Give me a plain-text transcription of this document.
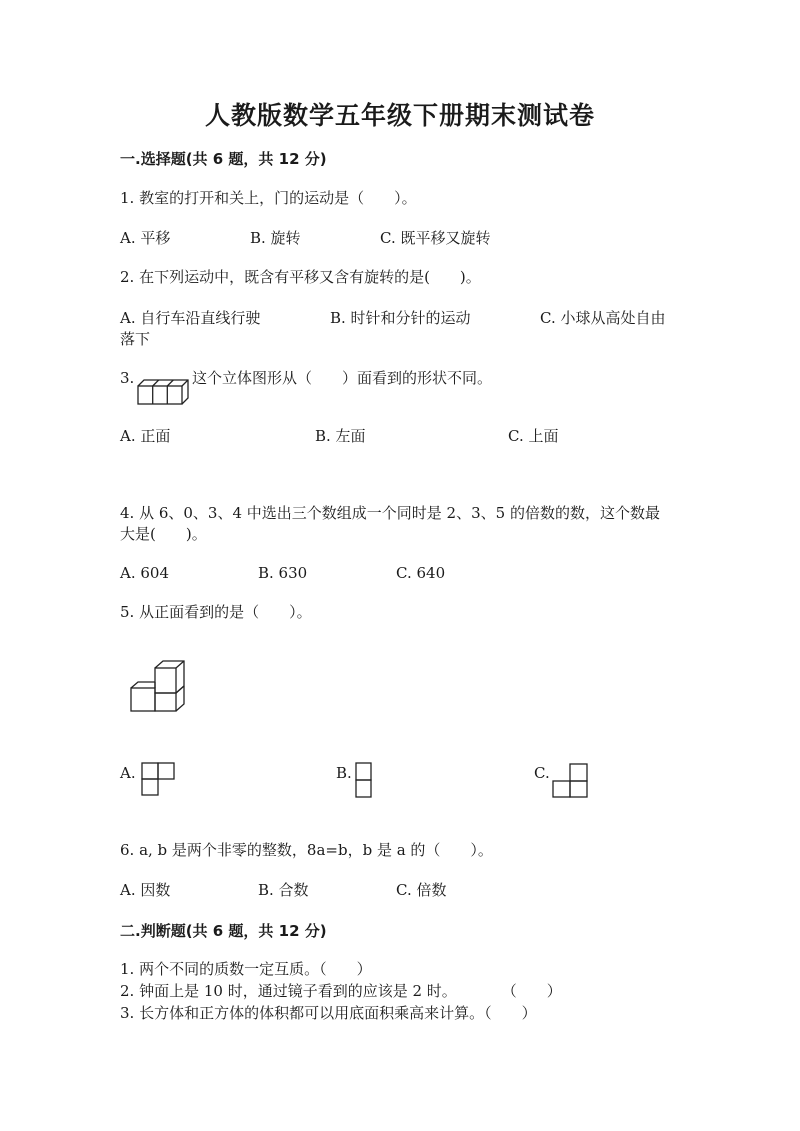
人教版数学五年级下册期末测试卷
一.选择题(共 6 题，共 12 分)
1. 教室的打开和关上，门的运动是（　　）。
A. 平移	B. 旋转	C. 既平移又旋转
2. 在下列运动中，既含有平移又含有旋转的是(　　)。
A. 自行车沿直线行驶	B. 时针和分针的运动	C. 小球从高处自由
落下
3.	这个立体图形从（　　）面看到的形状不同。
A. 正面	B. 左面	C. 上面
4. 从 6、0、3、4 中选出三个数组成一个同时是 2、3、5 的倍数的数，这个数最
大是(　　)。
A. 604	B. 630	C. 640
5. 从正面看到的是（　　）。
A.	B.	C.
6. a, b 是两个非零的整数，8a=b，b 是 a 的（　　）。
A. 因数	B. 合数	C. 倍数
二.判断题(共 6 题，共 12 分)
1. 两个不同的质数一定互质。（　　）
2. 钟面上是 10 时，通过镜子看到的应该是 2 时。　　　　（　　）
3. 长方体和正方体的体积都可以用底面积乘高来计算。（　　）
